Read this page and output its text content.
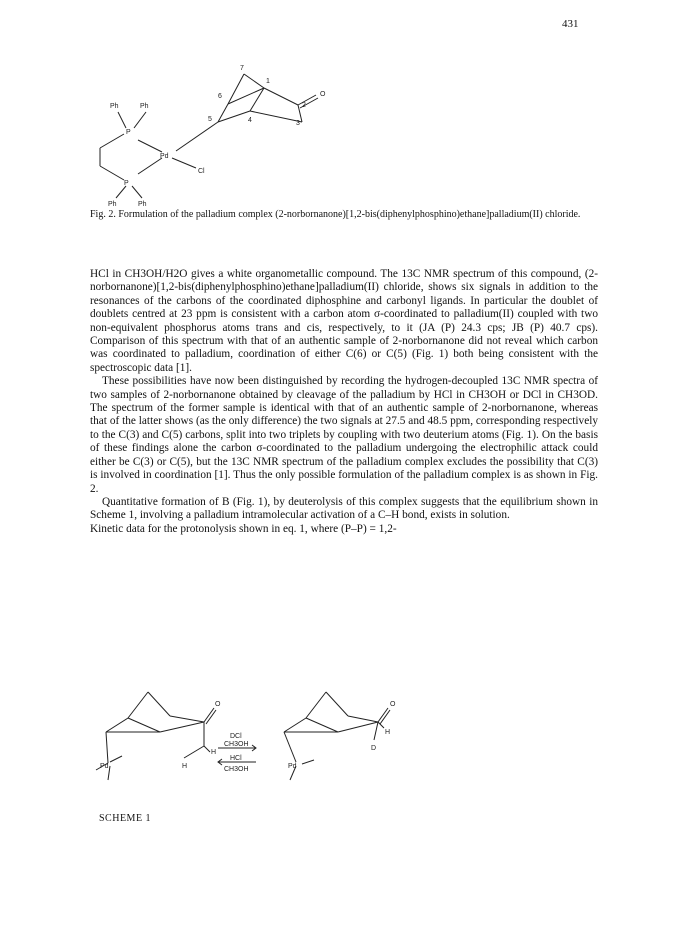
431
7
1
6
2
5	4	3
O
Ph	Ph
P
Pd
Cl
P
Ph	Ph
Fig. 2. Formulation of the palladium complex (2-norbornanone)[1,2-bis(diphenylphosphino)ethane]palladium(II) chloride.

HCl in CH3OH/H2O gives a white organometallic compound. The 13C NMR spectrum of this compound, (2-norbornanone)[1,2-bis(diphenylphosphino)ethane]palladium(II) chloride, shows six signals in addition to the resonances of the carbons of the coordinated diphosphine and carbonyl ligands. In particular the doublet of doublets centred at 23 ppm is consistent with a carbon atom σ-coordinated to palladium(II) coupled with two non-equivalent phosphorus atoms trans and cis, respectively, to it (JA (P) 24.3 cps; JB (P) 40.7 cps). Comparison of this spectrum with that of an authentic sample of 2-norbornanone did not reveal which carbon was coordinated to palladium, coordination of either C(6) or C(5) (Fig. 1) both being consistent with the spectroscopic data [1].

These possibilities have now been distinguished by recording the hydrogen-decoupled 13C NMR spectra of two samples of 2-norbornanone obtained by cleavage of the palladium by HCl in CH3OH or DCl in CH3OD. The spectrum of the former sample is identical with that of an authentic sample of 2-norbornanone, whereas that of the latter shows (as the only difference) the two signals at 27.5 and 48.5 ppm, corresponding respectively to the C(3) and C(5) carbons, split into two triplets by coupling with two deuterium atoms (Fig. 1). On the basis of these findings alone the carbon σ-coordinated to the palladium undergoing the electrophilic attack could either be C(3) or C(5), but the 13C NMR spectrum of the palladium complex excludes the possibility that C(3) is involved in coordination [1]. Thus the only possible formulation of the palladium complex is as shown in Fig. 2.

Quantitative formation of B (Fig. 1), by deuterolysis of this complex suggests that the equilibrium shown in Scheme 1, involving a palladium intramolecular activation of a C–H bond, exists in solution.

Kinetic data for the protonolysis shown in eq. 1, where (P–P) = 1,2-

O
H
H
Pd
DCl
CH3OH
HCl
CH3OH
O
H
D
Pd
SCHEME 1
